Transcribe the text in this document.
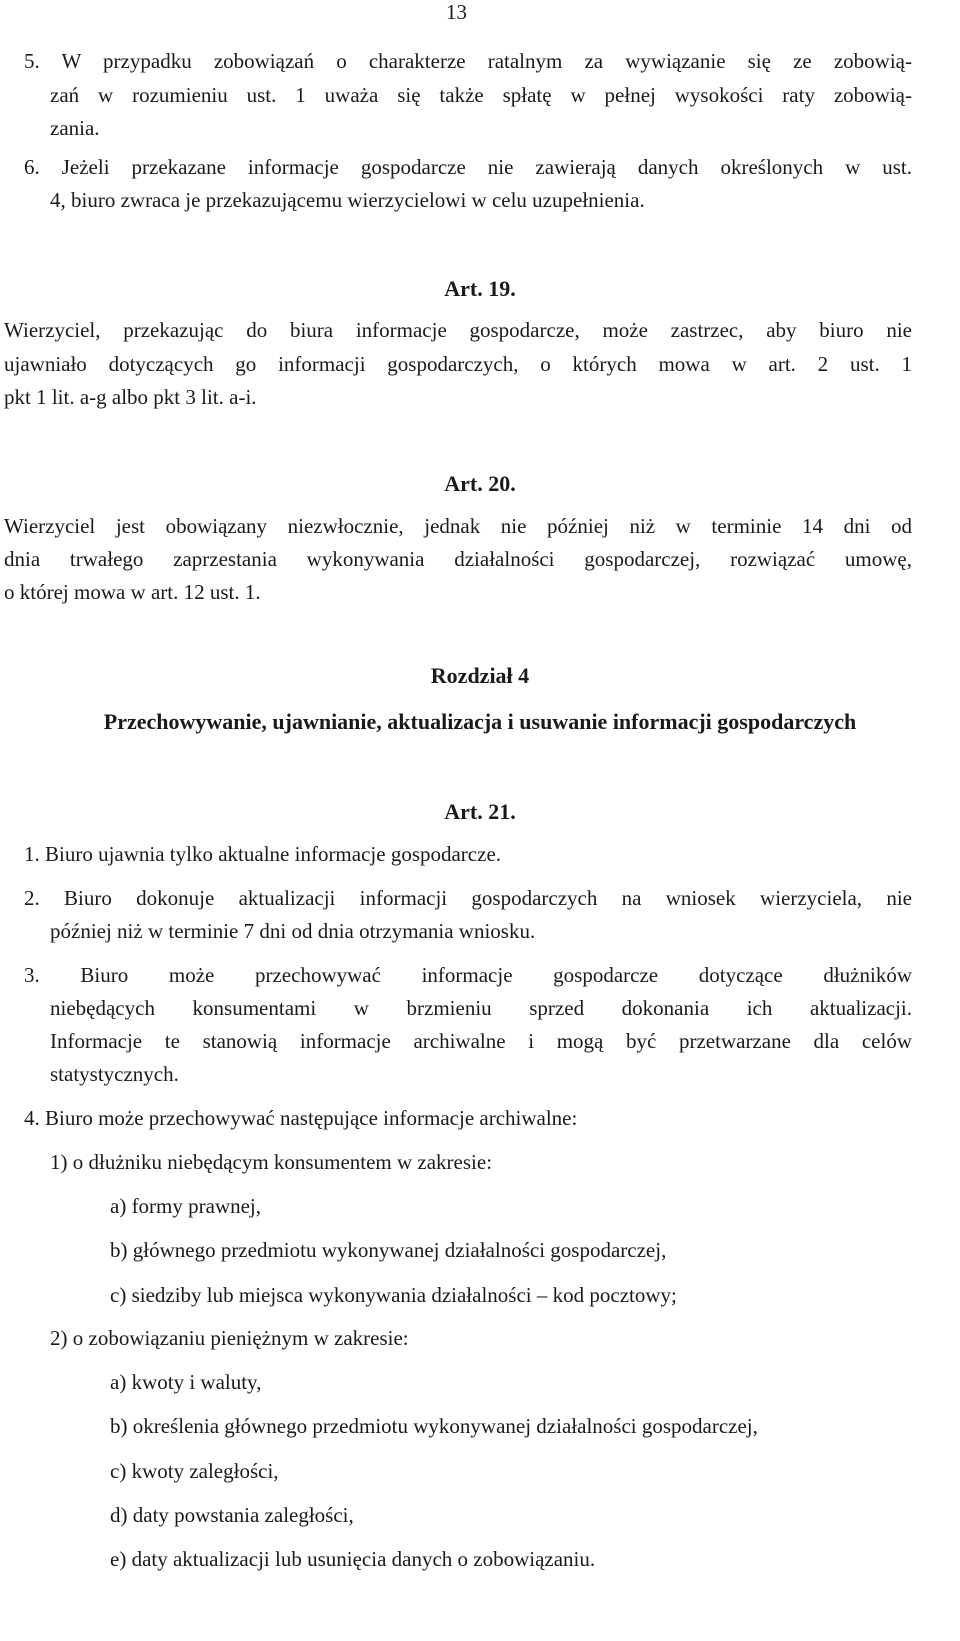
13
5. W przypadku zobowiązań o charakterze ratalnym za wywiązanie się ze zobowią-
zań w rozumieniu ust. 1 uważa się także spłatę w pełnej wysokości raty zobowią-
zania.
6. Jeżeli przekazane informacje gospodarcze nie zawierają danych określonych w ust.
4, biuro zwraca je przekazującemu wierzycielowi w celu uzupełnienia.
Art. 19.
Wierzyciel, przekazując do biura informacje gospodarcze, może zastrzec, aby biuro nie
ujawniało dotyczących go informacji gospodarczych, o których mowa w art. 2 ust. 1
pkt 1 lit. a-g albo pkt 3 lit. a-i.
Art. 20.
Wierzyciel jest obowiązany niezwłocznie, jednak nie później niż w terminie 14 dni od
dnia trwałego zaprzestania wykonywania działalności gospodarczej, rozwiązać umowę,
o której mowa w art. 12 ust. 1.
Rozdział 4
Przechowywanie, ujawnianie, aktualizacja i usuwanie informacji gospodarczych
Art. 21.
1. Biuro ujawnia tylko aktualne informacje gospodarcze.
2. Biuro dokonuje aktualizacji informacji gospodarczych na wniosek wierzyciela, nie
później niż w terminie 7 dni od dnia otrzymania wniosku.
3. Biuro może przechowywać informacje gospodarcze dotyczące dłużników
niebędących konsumentami w brzmieniu sprzed dokonania ich aktualizacji.
Informacje te stanowią informacje archiwalne i mogą być przetwarzane dla celów
statystycznych.
4. Biuro może przechowywać następujące informacje archiwalne:
1) o dłużniku niebędącym konsumentem w zakresie:
a) formy prawnej,
b) głównego przedmiotu wykonywanej działalności gospodarczej,
c) siedziby lub miejsca wykonywania działalności – kod pocztowy;
2) o zobowiązaniu pieniężnym w zakresie:
a) kwoty i waluty,
b) określenia głównego przedmiotu wykonywanej działalności gospodarczej,
c) kwoty zaległości,
d) daty powstania zaległości,
e) daty aktualizacji lub usunięcia danych o zobowiązaniu.
